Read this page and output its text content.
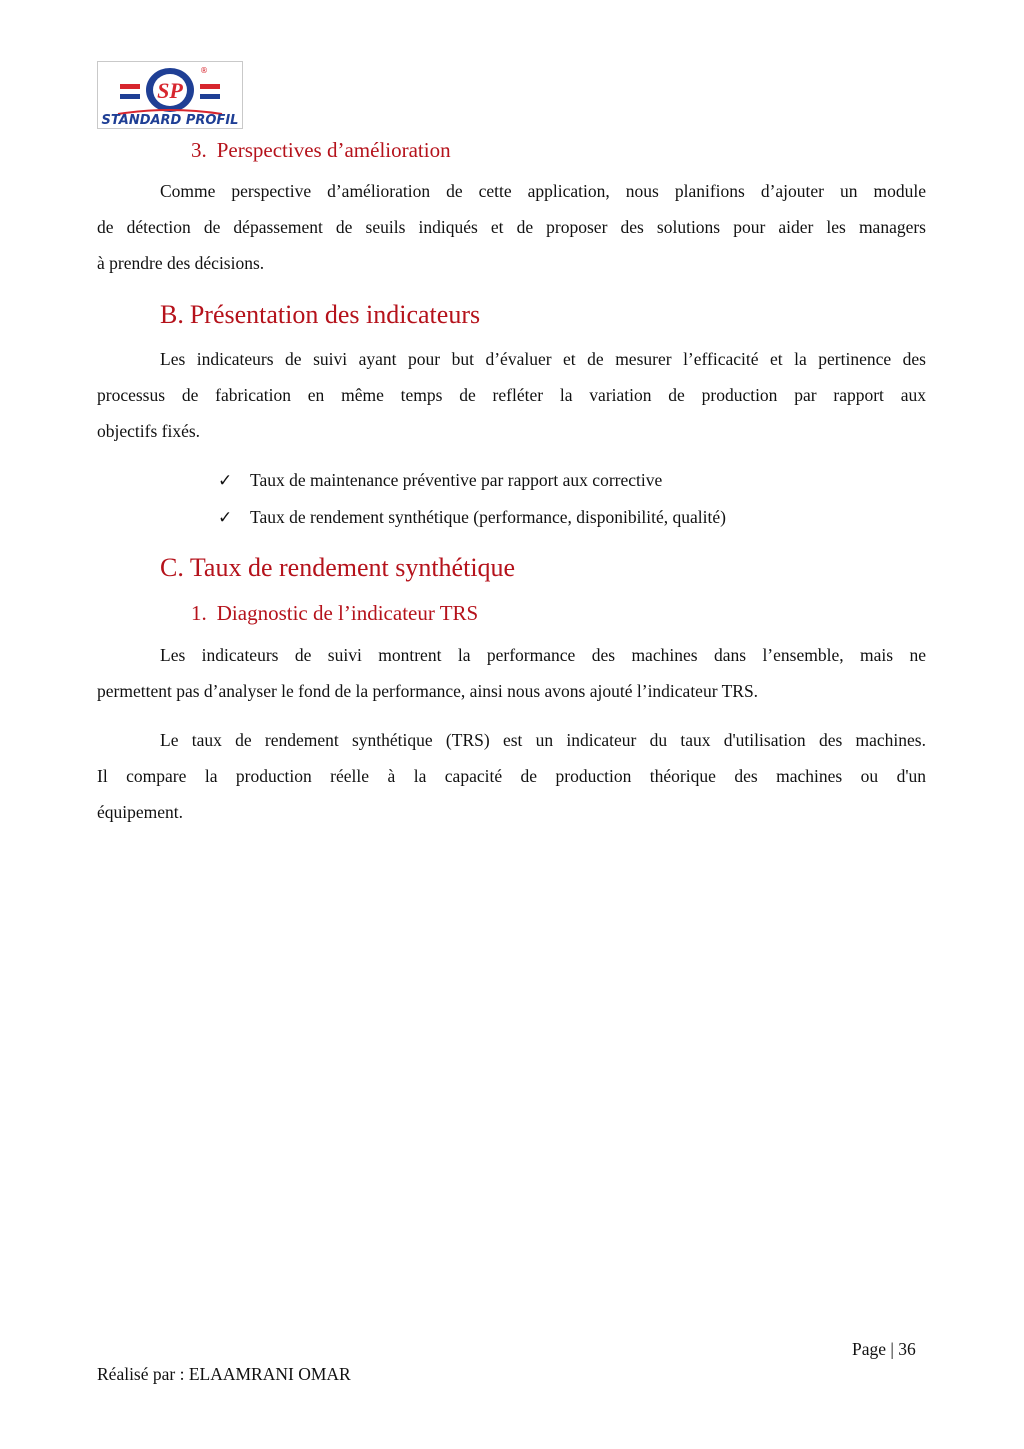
SP
®
STANDARD PROFIL
3. Perspectives d’amélioration
Comme perspective d’amélioration de cette application, nous planifions d’ajouter un module
de détection de dépassement de seuils indiqués et de proposer des solutions pour aider les managers
à prendre des décisions.
B. Présentation des indicateurs
Les indicateurs de suivi ayant pour but d’évaluer et de mesurer l’efficacité et la pertinence des
processus de fabrication en même temps de refléter la variation de production par rapport aux
objectifs fixés.
✓ Taux de maintenance préventive par rapport aux corrective
✓ Taux de rendement synthétique (performance, disponibilité, qualité)
C. Taux de rendement synthétique
1. Diagnostic de l’indicateur TRS
Les indicateurs de suivi montrent la performance des machines dans l’ensemble, mais ne
permettent pas d’analyser le fond de la performance, ainsi nous avons ajouté l’indicateur TRS.
Le taux de rendement synthétique (TRS) est un indicateur du taux d'utilisation des machines.
Il compare la production réelle à la capacité de production théorique des machines ou d'un
équipement.
Page | 36
Réalisé par : ELAAMRANI OMAR
